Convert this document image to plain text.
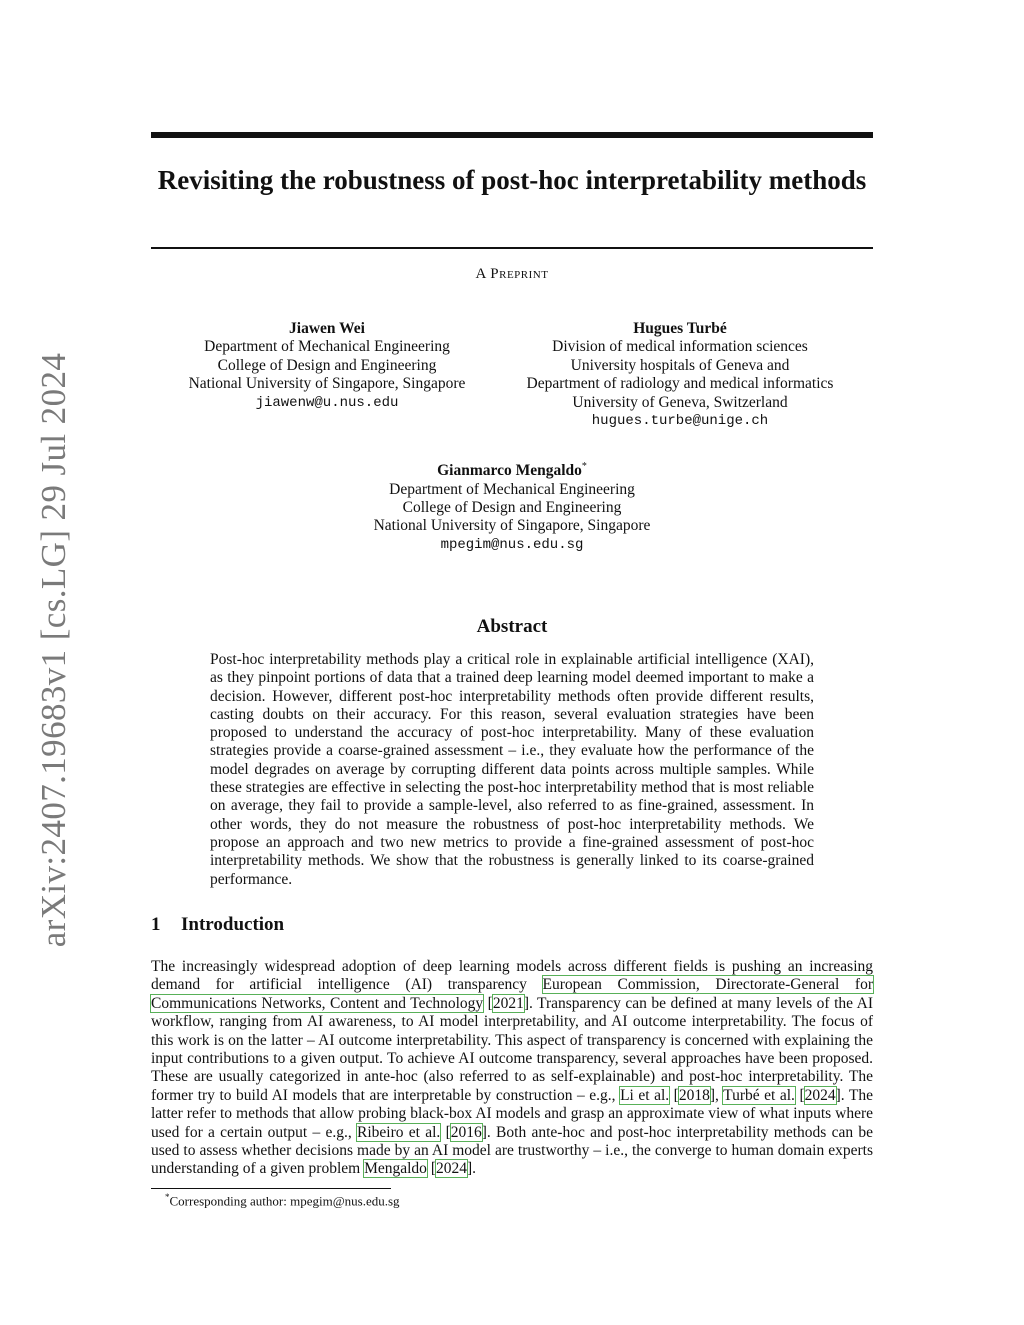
arXiv:2407.19683v1 [cs.LG] 29 Jul 2024
Revisiting the robustness of post-hoc interpretability methods
A Preprint
Jiawen Wei
Department of Mechanical Engineering
College of Design and Engineering
National University of Singapore, Singapore
jiawenw@u.nus.edu
Hugues Turbé
Division of medical information sciences
University hospitals of Geneva and
Department of radiology and medical informatics
University of Geneva, Switzerland
hugues.turbe@unige.ch
Gianmarco Mengaldo*
Department of Mechanical Engineering
College of Design and Engineering
National University of Singapore, Singapore
mpegim@nus.edu.sg
Abstract
Post-hoc interpretability methods play a critical role in explainable artificial intelligence (XAI), as they pinpoint portions of data that a trained deep learning model deemed important to make a decision. However, different post-hoc interpretability methods often provide different results, casting doubts on their accuracy. For this reason, several evaluation strategies have been proposed to understand the accuracy of post-hoc interpretability. Many of these evaluation strategies provide a coarse-grained assessment – i.e., they evaluate how the performance of the model degrades on average by corrupting different data points across multiple samples. While these strategies are effective in selecting the post-hoc interpretability method that is most reliable on average, they fail to provide a sample-level, also referred to as fine-grained, assessment. In other words, they do not measure the robustness of post-hoc interpretability methods. We propose an approach and two new metrics to provide a fine-grained assessment of post-hoc interpretability methods. We show that the robustness is generally linked to its coarse-grained performance.
1 Introduction
The increasingly widespread adoption of deep learning models across different fields is pushing an increasing demand for artificial intelligence (AI) transparency European Commission, Directorate-General for Communications Networks, Content and Technology [2021]. Transparency can be defined at many levels of the AI workflow, ranging from AI awareness, to AI model interpretability, and AI outcome interpretability. The focus of this work is on the latter – AI outcome interpretability. This aspect of transparency is concerned with explaining the input contributions to a given output. To achieve AI outcome transparency, several approaches have been proposed. These are usually categorized in ante-hoc (also referred to as self-explainable) and post-hoc interpretability. The former try to build AI models that are interpretable by construction – e.g., Li et al. [2018], Turbé et al. [2024]. The latter refer to methods that allow probing black-box AI models and grasp an approximate view of what inputs where used for a certain output – e.g., Ribeiro et al. [2016]. Both ante-hoc and post-hoc interpretability methods can be used to assess whether decisions made by an AI model are trustworthy – i.e., the converge to human domain experts understanding of a given problem Mengaldo [2024].
*Corresponding author: mpegim@nus.edu.sg
